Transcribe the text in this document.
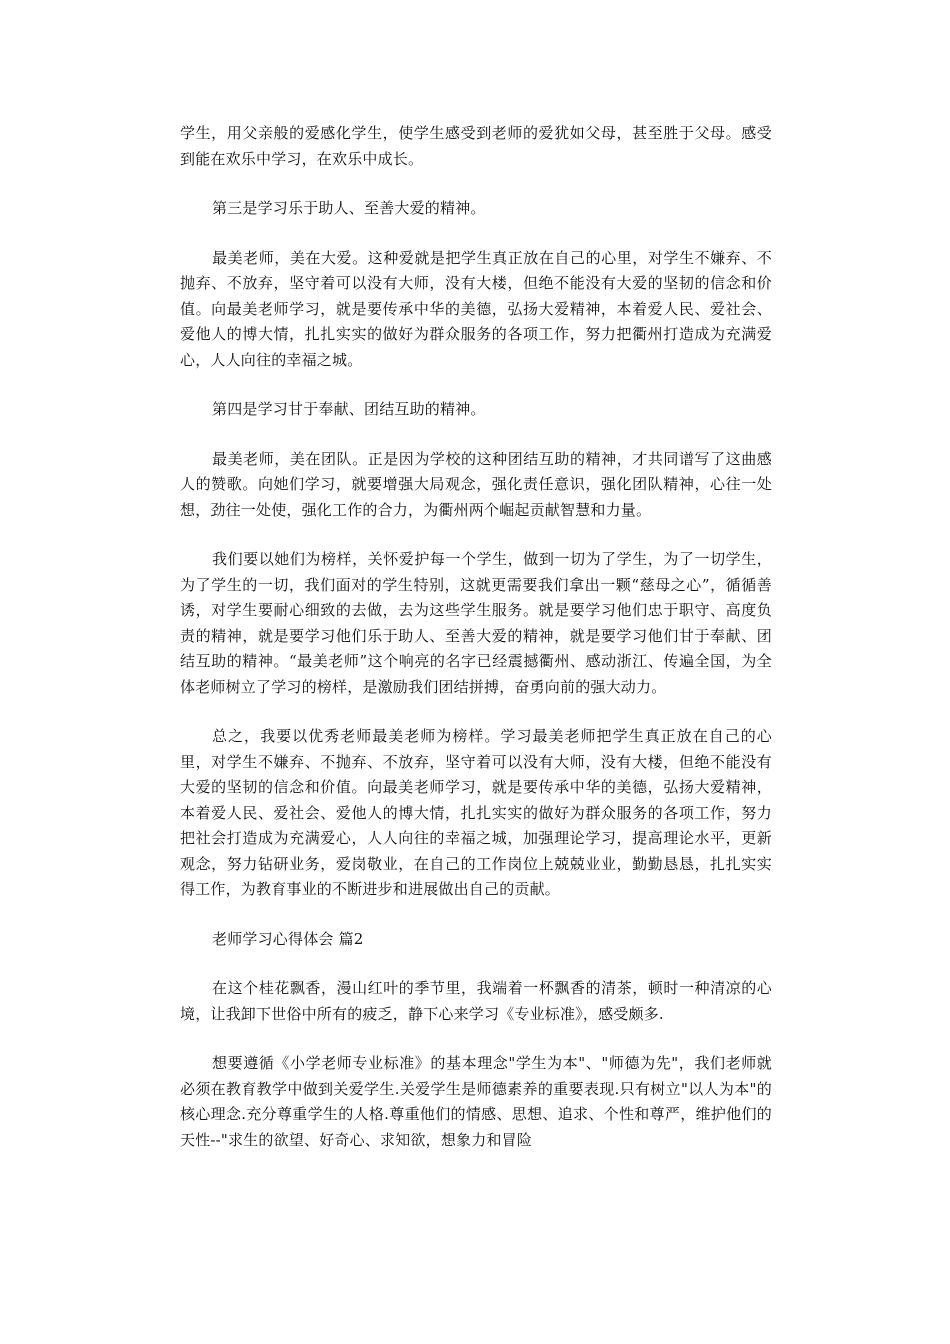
学生，用父亲般的爱感化学生，使学生感受到老师的爱犹如父母，甚至胜于父母。感受到能在欢乐中学习，在欢乐中成长。

第三是学习乐于助人、至善大爱的精神。

最美老师，美在大爱。这种爱就是把学生真正放在自己的心里，对学生不嫌弃、不抛弃、不放弃，坚守着可以没有大师，没有大楼，但绝不能没有大爱的坚韧的信念和价值。向最美老师学习，就是要传承中华的美德，弘扬大爱精神，本着爱人民、爱社会、爱他人的博大情，扎扎实实的做好为群众服务的各项工作，努力把衢州打造成为充满爱心，人人向往的幸福之城。

第四是学习甘于奉献、团结互助的精神。

最美老师，美在团队。正是因为学校的这种团结互助的精神，才共同谱写了这曲感人的赞歌。向她们学习，就要增强大局观念，强化责任意识，强化团队精神，心往一处想，劲往一处使，强化工作的合力，为衢州两个崛起贡献智慧和力量。

我们要以她们为榜样，关怀爱护每一个学生，做到一切为了学生，为了一切学生，为了学生的一切，我们面对的学生特别，这就更需要我们拿出一颗“慈母之心”，循循善诱，对学生要耐心细致的去做，去为这些学生服务。就是要学习他们忠于职守、高度负责的精神，就是要学习他们乐于助人、至善大爱的精神，就是要学习他们甘于奉献、团结互助的精神。“最美老师”这个响亮的名字已经震撼衢州、感动浙江、传遍全国，为全体老师树立了学习的榜样，是激励我们团结拼搏，奋勇向前的强大动力。

总之，我要以优秀老师最美老师为榜样。学习最美老师把学生真正放在自己的心里，对学生不嫌弃、不抛弃、不放弃，坚守着可以没有大师，没有大楼，但绝不能没有大爱的坚韧的信念和价值。向最美老师学习，就是要传承中华的美德，弘扬大爱精神，本着爱人民、爱社会、爱他人的博大情，扎扎实实的做好为群众服务的各项工作，努力把社会打造成为充满爱心，人人向往的幸福之城，加强理论学习，提高理论水平，更新观念，努力钻研业务，爱岗敬业，在自己的工作岗位上兢兢业业，勤勤恳恳，扎扎实实得工作，为教育事业的不断进步和进展做出自己的贡献。

老师学习心得体会 篇2

在这个桂花飘香，漫山红叶的季节里，我端着一杯飘香的清茶，顿时一种清凉的心境，让我卸下世俗中所有的疲乏，静下心来学习《专业标准》，感受颇多.

想要遵循《小学老师专业标准》的基本理念"学生为本"、"师德为先"，我们老师就必须在教育教学中做到关爱学生.关爱学生是师德素养的重要表现.只有树立"以人为本"的核心理念.充分尊重学生的人格.尊重他们的情感、思想、追求、个性和尊严，维护他们的天性--"求生的欲望、好奇心、求知欲，想象力和冒险
